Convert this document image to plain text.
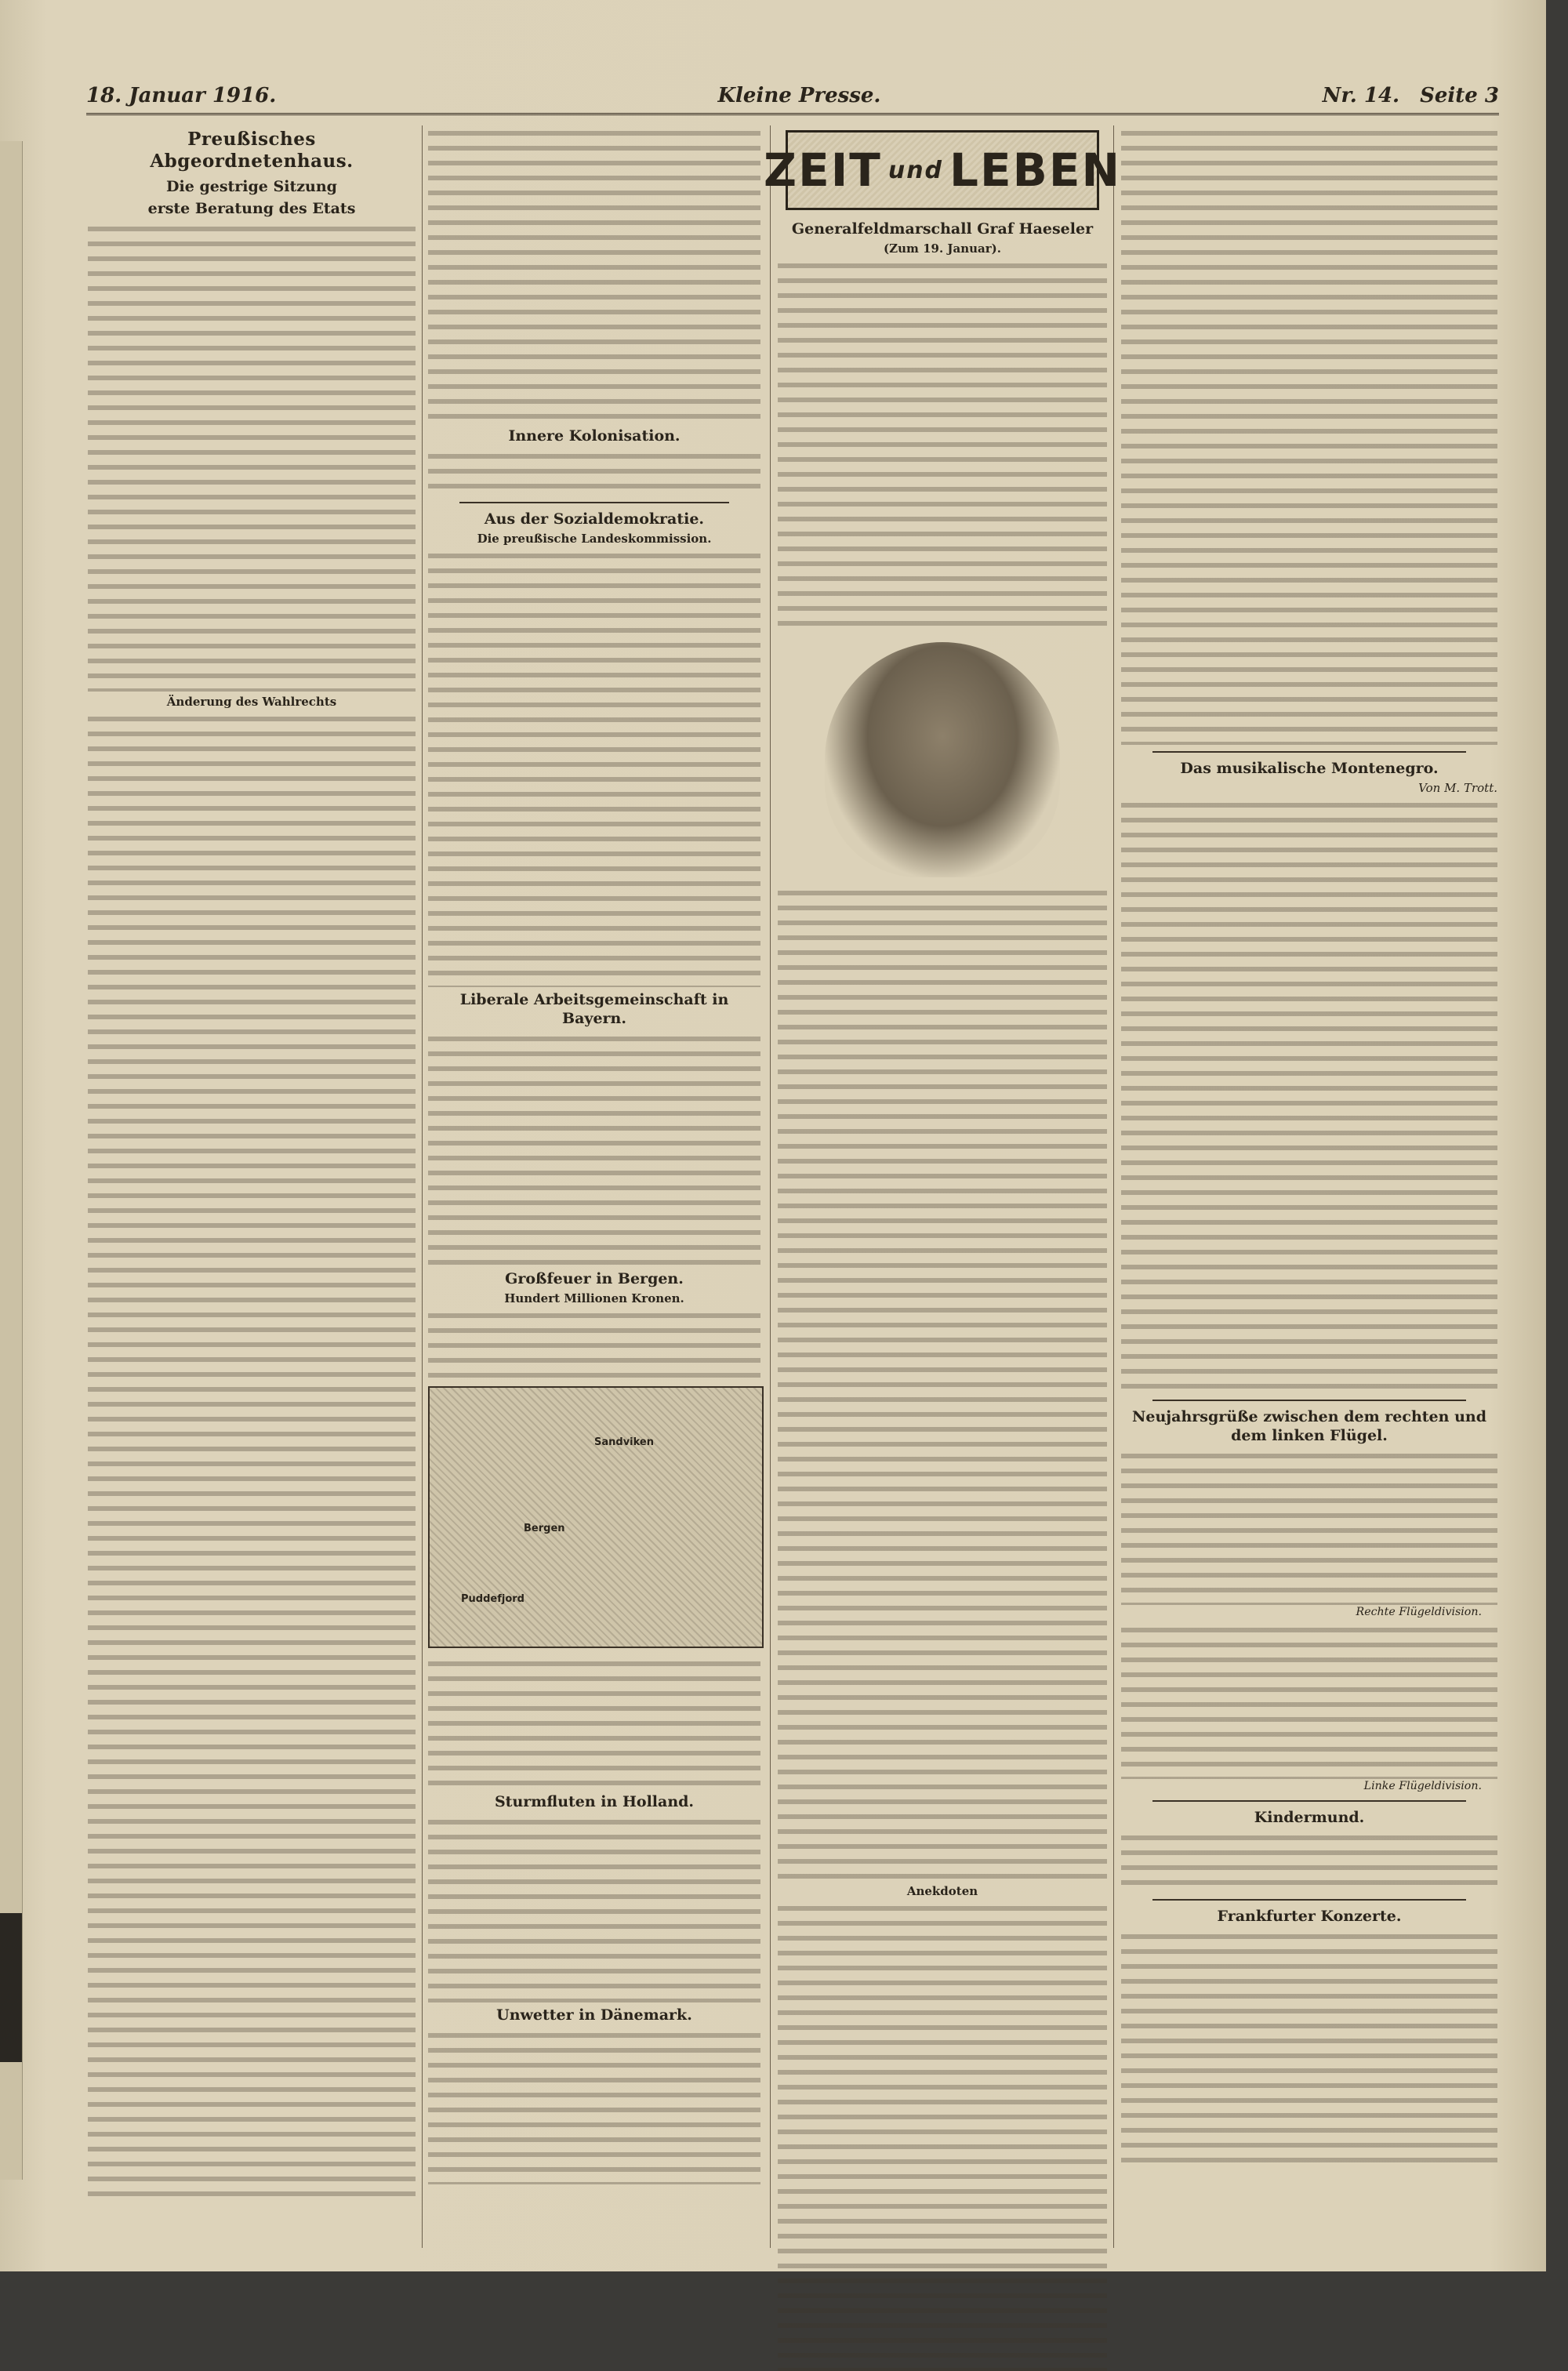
18. Januar 1916.	Kleine Presse.	Nr. 14. Seite 3
Preußisches Abgeordnetenhaus.
Die gestrige Sitzung

erste Beratung des Etats
Änderung des Wahlrechts
Innere Kolonisation.
Aus der Sozialdemokratie.
Die preußische Landeskommission.
Liberale Arbeitsgemeinschaft in Bayern.
Großfeuer in Bergen.
Hundert Millionen Kronen.
Bergen
Sandviken
Puddefjord
Sturmfluten in Holland.
Unwetter in Dänemark.
ZEIT und LEBEN
Generalfeldmarschall Graf Haeseler
(Zum 19. Januar).
Anekdoten
Das musikalische Montenegro.
Von M. Trott.
Neujahrsgrüße zwischen dem rechten und dem linken Flügel.

Rechte Flügeldivision.

Linke Flügeldivision.

Kindermund.
Frankfurter Konzerte.
